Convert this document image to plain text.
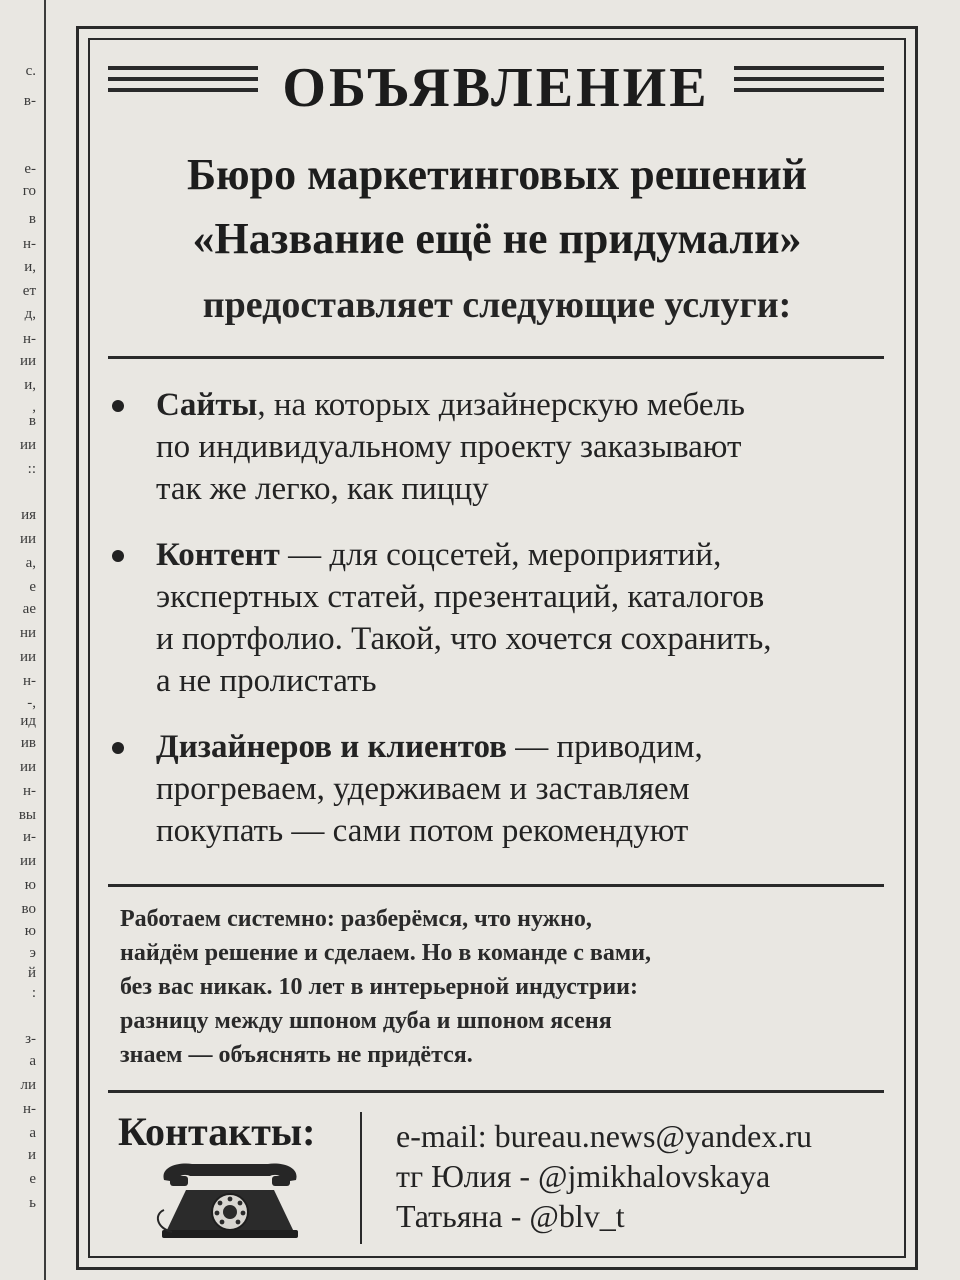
с.
в-
е-
го
в
н-
и,
ет
д,
н-
ии
и,
,
в
ии
::
ия
ии
а,
е
ае
ни
ии
н-
-,
ид
ив
ии
н-
вы
и-
ии
ю
во
ю
э
й
:
з-
а
ли
н-
а
и
е
ь
ОБЪЯВЛЕНИЕ
Бюро маркетинговых решений
«Название ещё не придумали»
предоставляет следующие услуги:
Сайты, на которых дизайнерскую мебель
по индивидуальному проекту заказывают
так же легко, как пиццу
Контент — для соцсетей, мероприятий,
экспертных статей, презентаций, каталогов
и портфолио. Такой, что хочется сохранить,
а не пролистать
Дизайнеров и клиентов — приводим,
прогреваем, удерживаем и заставляем
покупать — сами потом рекомендуют
Работаем системно: разберёмся, что нужно,
найдём решение и сделаем. Но в команде с вами,
без вас никак. 10 лет в интерьерной индустрии:
разницу между шпоном дуба и шпоном ясеня
знаем — объяснять не придётся.
Контакты:	e-mail: bureau.news@yandex.ru
тг Юлия - @jmikhalovskaya
Татьяна - @blv_t
